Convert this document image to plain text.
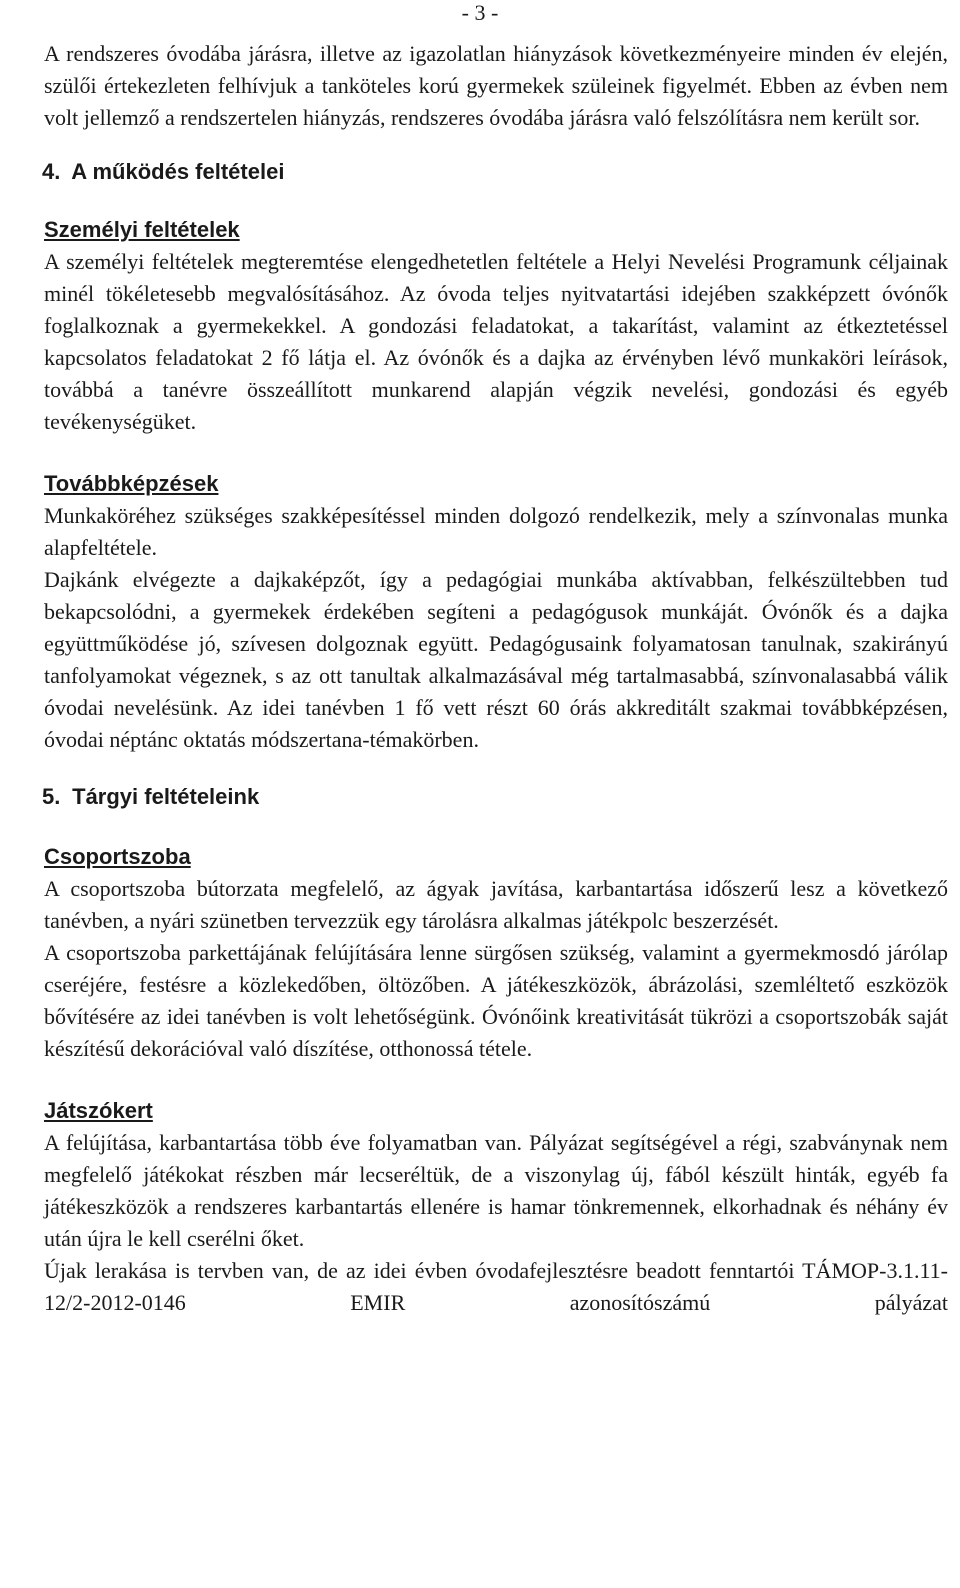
- 3 -

A rendszeres óvodába járásra, illetve az igazolatlan hiányzások következményeire minden év elején, szülői értekezleten felhívjuk a tanköteles korú gyermekek szüleinek figyelmét. Ebben az évben nem volt jellemző a rendszertelen hiányzás, rendszeres óvodába járásra való felszólításra nem került sor.

4. A működés feltételei
Személyi feltételek

A személyi feltételek megteremtése elengedhetetlen feltétele a Helyi Nevelési Programunk céljainak minél tökéletesebb megvalósításához. Az óvoda teljes nyitvatartási idejében szakképzett óvónők foglalkoznak a gyermekekkel. A gondozási feladatokat, a takarítást, valamint az étkeztetéssel kapcsolatos feladatokat 2 fő látja el. Az óvónők és a dajka az érvényben lévő munkaköri leírások, továbbá a tanévre összeállított munkarend alapján végzik nevelési, gondozási és egyéb tevékenységüket.

Továbbképzések

Munkaköréhez szükséges szakképesítéssel minden dolgozó rendelkezik, mely a színvonalas munka alapfeltétele.

Dajkánk elvégezte a dajkaképzőt, így a pedagógiai munkába aktívabban, felkészültebben tud bekapcsolódni, a gyermekek érdekében segíteni a pedagógusok munkáját. Óvónők és a dajka együttműködése jó, szívesen dolgoznak együtt. Pedagógusaink folyamatosan tanulnak, szakirányú tanfolyamokat végeznek, s az ott tanultak alkalmazásával még tartalmasabbá, színvonalasabbá válik óvodai nevelésünk. Az idei tanévben 1 fő vett részt 60 órás akkreditált szakmai továbbképzésen, óvodai néptánc oktatás módszertana-témakörben.

5. Tárgyi feltételeink
Csoportszoba

A csoportszoba bútorzata megfelelő, az ágyak javítása, karbantartása időszerű lesz a következő tanévben, a nyári szünetben tervezzük egy tárolásra alkalmas játékpolc beszerzését.

A csoportszoba parkettájának felújítására lenne sürgősen szükség, valamint a gyermekmosdó járólap cseréjére, festésre a közlekedőben, öltözőben. A játékeszközök, ábrázolási, szemléltető eszközök bővítésére az idei tanévben is volt lehetőségünk. Óvónőink kreativitását tükrözi a csoportszobák saját készítésű dekorációval való díszítése, otthonossá tétele.

Játszókert

A felújítása, karbantartása több éve folyamatban van. Pályázat segítségével a régi, szabványnak nem megfelelő játékokat részben már lecseréltük, de a viszonylag új, fából készült hinták, egyéb fa játékeszközök a rendszeres karbantartás ellenére is hamar tönkremennek, elkorhadnak és néhány év után újra le kell cserélni őket.

Újak lerakása is tervben van, de az idei évben óvodafejlesztésre beadott fenntartói TÁMOP-3.1.11-12/2-2012-0146 EMIR azonosítószámú pályázat
